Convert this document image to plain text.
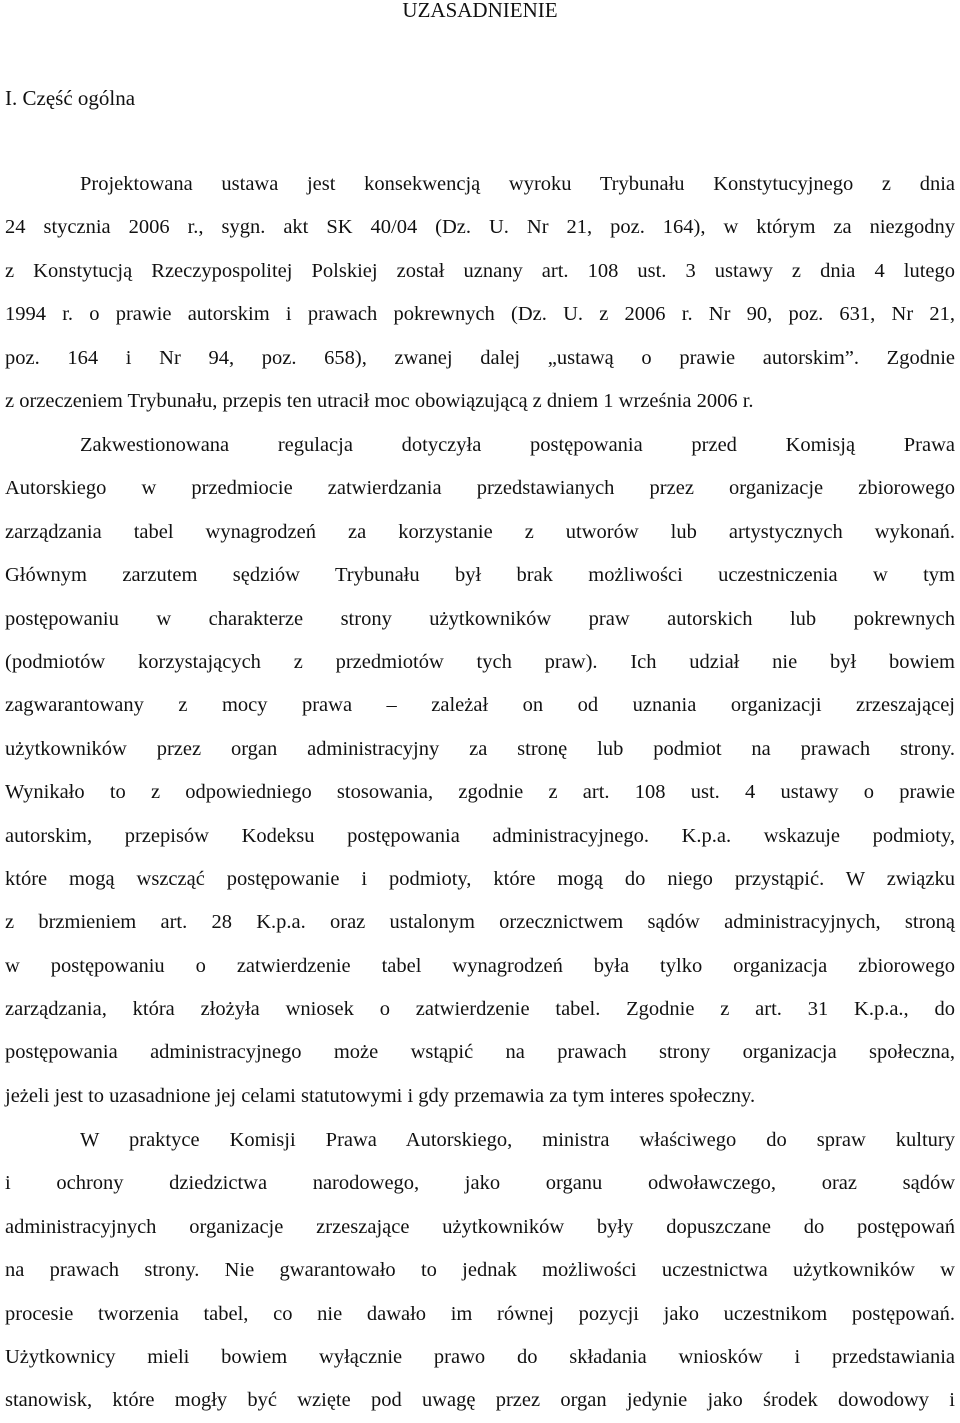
UZASADNIENIE
I. Część ogólna
Projektowana ustawa jest konsekwencją wyroku Trybunału Konstytucyjnego z dnia
24 stycznia 2006 r., sygn. akt SK 40/04 (Dz. U. Nr 21, poz. 164), w którym za niezgodny
z Konstytucją Rzeczypospolitej Polskiej został uznany art. 108 ust. 3 ustawy z dnia 4 lutego
1994 r. o prawie autorskim i prawach pokrewnych (Dz. U. z 2006 r. Nr 90, poz. 631, Nr 21,
poz. 164 i Nr 94, poz. 658), zwanej dalej „ustawą o prawie autorskim”. Zgodnie
z orzeczeniem Trybunału, przepis ten utracił moc obowiązującą z dniem 1 września 2006 r.
Zakwestionowana regulacja dotyczyła postępowania przed Komisją Prawa
Autorskiego w przedmiocie zatwierdzania przedstawianych przez organizacje zbiorowego
zarządzania tabel wynagrodzeń za korzystanie z utworów lub artystycznych wykonań.
Głównym zarzutem sędziów Trybunału był brak możliwości uczestniczenia w tym
postępowaniu w charakterze strony użytkowników praw autorskich lub pokrewnych
(podmiotów korzystających z przedmiotów tych praw). Ich udział nie był bowiem
zagwarantowany z mocy prawa – zależał on od uznania organizacji zrzeszającej
użytkowników przez organ administracyjny za stronę lub podmiot na prawach strony.
Wynikało to z odpowiedniego stosowania, zgodnie z art. 108 ust. 4 ustawy o prawie
autorskim, przepisów Kodeksu postępowania administracyjnego. K.p.a. wskazuje podmioty,
które mogą wszcząć postępowanie i podmioty, które mogą do niego przystąpić. W związku
z brzmieniem art. 28 K.p.a. oraz ustalonym orzecznictwem sądów administracyjnych, stroną
w postępowaniu o zatwierdzenie tabel wynagrodzeń była tylko organizacja zbiorowego
zarządzania, która złożyła wniosek o zatwierdzenie tabel. Zgodnie z art. 31 K.p.a., do
postępowania administracyjnego może wstąpić na prawach strony organizacja społeczna,
jeżeli jest to uzasadnione jej celami statutowymi i gdy przemawia za tym interes społeczny.
W praktyce Komisji Prawa Autorskiego, ministra właściwego do spraw kultury
i ochrony dziedzictwa narodowego, jako organu odwoławczego, oraz sądów
administracyjnych organizacje zrzeszające użytkowników były dopuszczane do postępowań
na prawach strony. Nie gwarantowało to jednak możliwości uczestnictwa użytkowników w
procesie tworzenia tabel, co nie dawało im równej pozycji jako uczestnikom postępowań.
Użytkownicy mieli bowiem wyłącznie prawo do składania wniosków i przedstawiania
stanowisk, które mogły być wzięte pod uwagę przez organ jedynie jako środek dowodowy i
